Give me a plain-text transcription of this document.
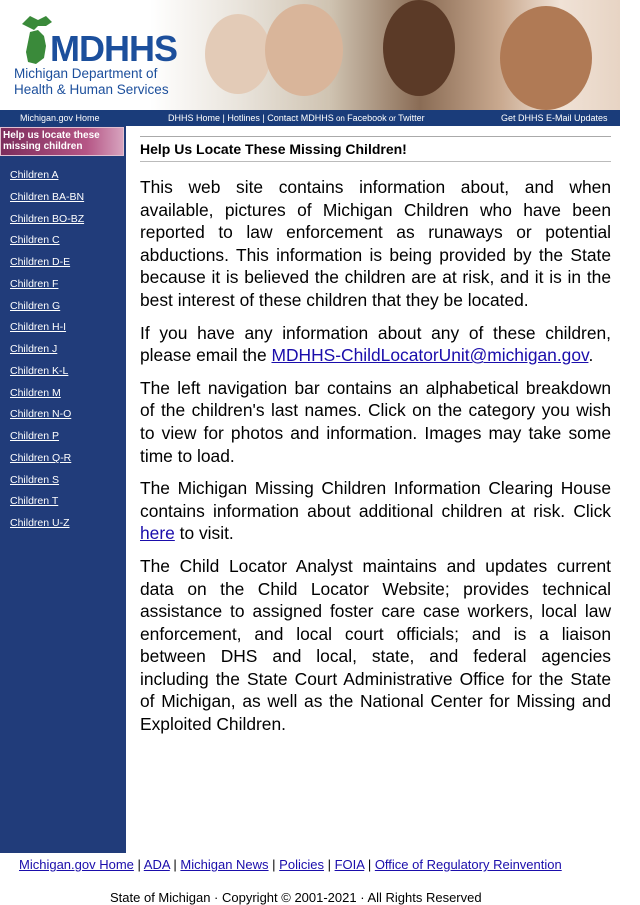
MDHHS
Michigan Department of
Health & Human Services
Michigan.gov Home	DHHS Home | Hotlines | Contact MDHHS on Facebook or Twitter	Get DHHS E-Mail Updates
Help us locate these missing children
Children A
Children BA-BN
Children BO-BZ
Children C
Children D-E
Children F
Children G
Children H-I
Children J
Children K-L
Children M
Children N-O
Children P
Children Q-R
Children S
Children T
Children U-Z
Help Us Locate These Missing Children!

This web site contains information about, and when available, pictures of Michigan Children who have been reported to law enforcement as runaways or potential abductions. This information is being provided by the State because it is believed the children are at risk, and it is in the best interest of these children that they be located.

If you have any information about any of these children, please email the MDHHS-ChildLocatorUnit@michigan.gov.

The left navigation bar contains an alphabetical breakdown of the children's last names. Click on the category you wish to view for photos and information. Images may take some time to load.

The Michigan Missing Children Information Clearing House contains information about additional children at risk. Click here to visit.

The Child Locator Analyst maintains and updates current data on the Child Locator Website; provides technical assistance to assigned foster care case workers, local law enforcement, and local court officials; and is a liaison between DHS and local, state, and federal agencies including the State Court Administrative Office for the State of Michigan, as well as the National Center for Missing and Exploited Children.

Michigan.gov Home | ADA | Michigan News | Policies | FOIA | Office of Regulatory Reinvention
State of Michigan · Copyright © 2001-2021 · All Rights Reserved
